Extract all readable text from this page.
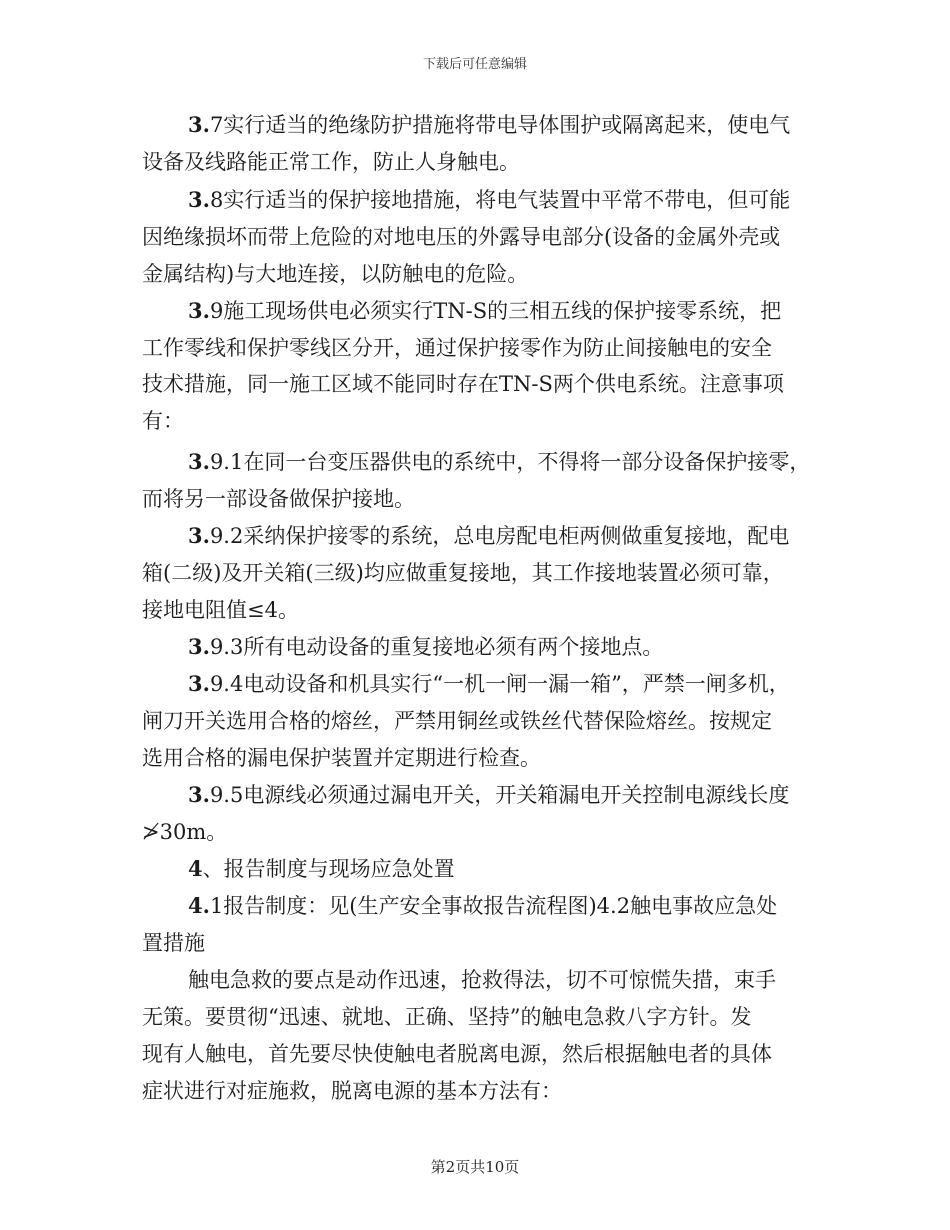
下载后可任意编辑
3.7实行适当的绝缘防护措施将带电导体围护或隔离起来，使电气
设备及线路能正常工作，防止人身触电。
3.8实行适当的保护接地措施，将电气装置中平常不带电，但可能
因绝缘损坏而带上危险的对地电压的外露导电部分(设备的金属外壳或
金属结构)与大地连接，以防触电的危险。
3.9施工现场供电必须实行TN-S的三相五线的保护接零系统，把
工作零线和保护零线区分开，通过保护接零作为防止间接触电的安全
技术措施，同一施工区域不能同时存在TN-S两个供电系统。注意事项
有：
3.9.1在同一台变压器供电的系统中，不得将一部分设备保护接零，
而将另一部设备做保护接地。
3.9.2采纳保护接零的系统，总电房配电柜两侧做重复接地，配电
箱(二级)及开关箱(三级)均应做重复接地，其工作接地装置必须可靠，
接地电阻值≤4。
3.9.3所有电动设备的重复接地必须有两个接地点。
3.9.4电动设备和机具实行“一机一闸一漏一箱”，严禁一闸多机，
闸刀开关选用合格的熔丝，严禁用铜丝或铁丝代替保险熔丝。按规定
选用合格的漏电保护装置并定期进行检查。
3.9.5电源线必须通过漏电开关，开关箱漏电开关控制电源线长度
≯30m。
4、报告制度与现场应急处置
4.1报告制度：见(生产安全事故报告流程图)4.2触电事故应急处
置措施
触电急救的要点是动作迅速，抢救得法，切不可惊慌失措，束手
无策。要贯彻“迅速、就地、正确、坚持”的触电急救八字方针。发
现有人触电，首先要尽快使触电者脱离电源，然后根据触电者的具体
症状进行对症施救，脱离电源的基本方法有：
第2页共10页
